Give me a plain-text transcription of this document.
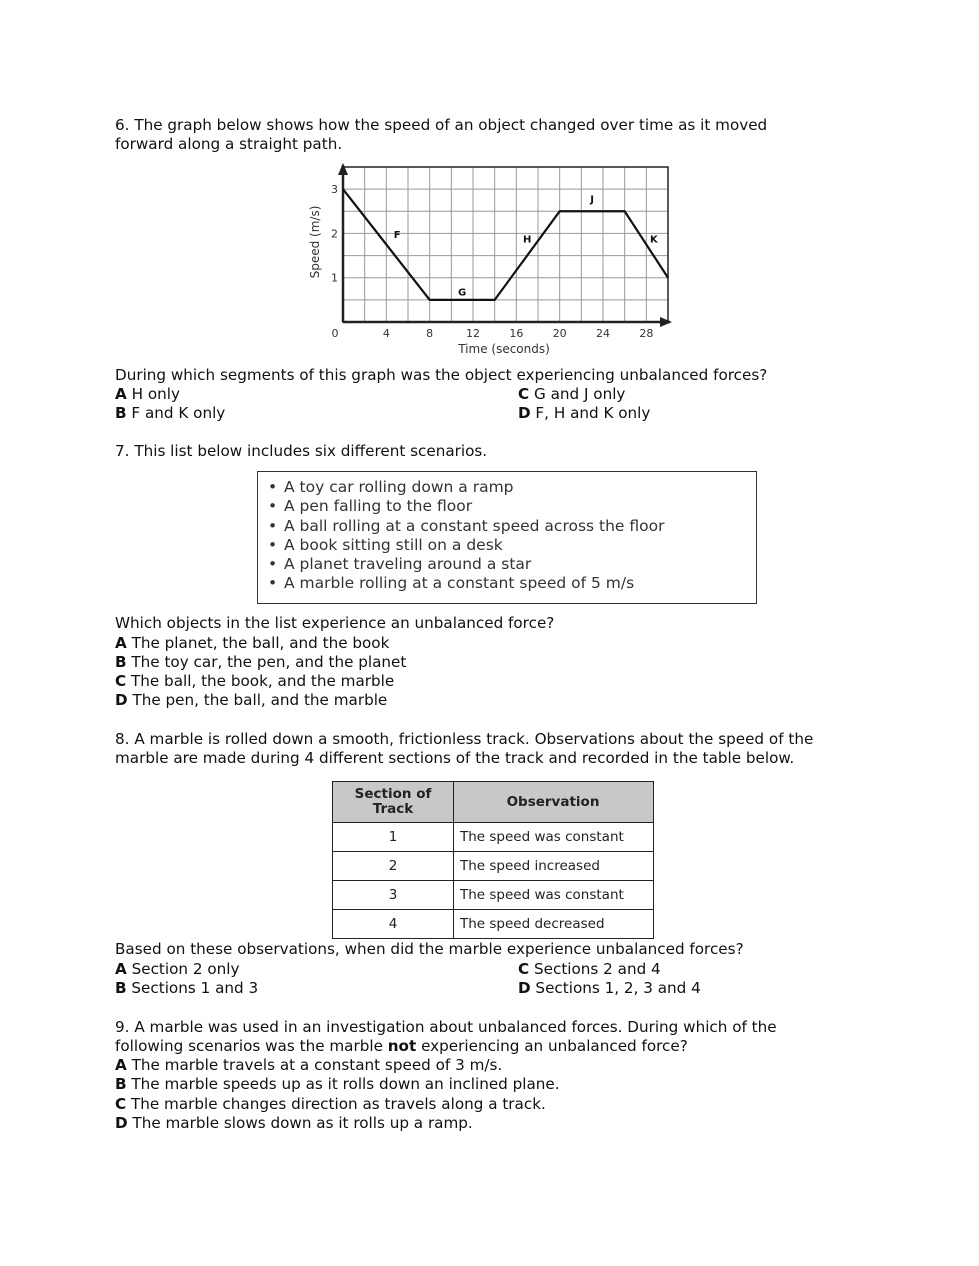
6. The graph below shows how the speed of an object changed over time as it moved
forward along a straight path.
F
G
H
J
K
0	4	8	12	16	20	24	28
1
2
3
Time (seconds)
Speed (m/s)
During which segments of this graph was the object experiencing unbalanced forces?
A H only
B F and K only
C G and J only
D F, H and K only
7. This list below includes six different scenarios.
• A toy car rolling down a ramp
• A pen falling to the floor
• A ball rolling at a constant speed across the floor
• A book sitting still on a desk
• A planet traveling around a star
• A marble rolling at a constant speed of 5 m/s
Which objects in the list experience an unbalanced force?
A The planet, the ball, and the book
B The toy car, the pen, and the planet
C The ball, the book, and the marble
D The pen, the ball, and the marble
8. A marble is rolled down a smooth, frictionless track. Observations about the speed of the
marble are made during 4 different sections of the track and recorded in the table below.
Section of Track	Observation
1	The speed was constant
2	The speed increased
3	The speed was constant
4	The speed decreased
Based on these observations, when did the marble experience unbalanced forces?
A Section 2 only
B Sections 1 and 3
C Sections 2 and 4
D Sections 1, 2, 3 and 4
9. A marble was used in an investigation about unbalanced forces. During which of the
following scenarios was the marble not experiencing an unbalanced force?
A The marble travels at a constant speed of 3 m/s.
B The marble speeds up as it rolls down an inclined plane.
C The marble changes direction as travels along a track.
D The marble slows down as it rolls up a ramp.
